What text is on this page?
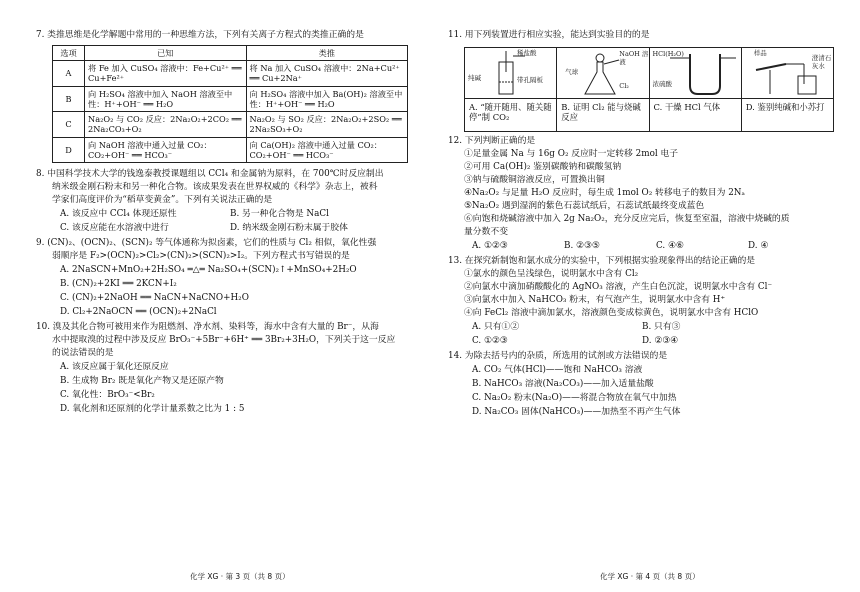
7. 类推思维是化学解题中常用的一种思维方法，下列有关离子方程式的类推正确的是
选项	已知	类推
A	将 Fe 加入 CuSO₄ 溶液中：Fe+Cu²⁺ ══ Cu+Fe²⁺	将 Na 加入 CuSO₄ 溶液中：2Na+Cu²⁺ ══ Cu+2Na⁺
B	向 H₂SO₄ 溶液中加入 NaOH 溶液至中性：H⁺+OH⁻ ══ H₂O	向 H₂SO₄ 溶液中加入 Ba(OH)₂ 溶液至中性：H⁺+OH⁻ ══ H₂O
C	Na₂O₂ 与 CO₂ 反应：2Na₂O₂+2CO₂ ══ 2Na₂CO₃+O₂	Na₂O₂ 与 SO₂ 反应：2Na₂O₂+2SO₂ ══ 2Na₂SO₃+O₂
D	向 NaOH 溶液中通入过量 CO₂：CO₂+OH⁻ ══ HCO₃⁻	向 Ca(OH)₂ 溶液中通入过量 CO₂：CO₂+OH⁻ ══ HCO₃⁻
8. 中国科学技术大学的钱逸泰教授课题组以 CCl₄ 和金属钠为原料，在 700℃时反应制出
纳米级金刚石粉末和另一种化合物。该成果发表在世界权威的《科学》杂志上，被科
学家们高度评价为“稻草变黄金”。下列有关说法正确的是
A. 该反应中 CCl₄ 体现还原性	B. 另一种化合物是 NaCl
C. 该反应能在水溶液中进行	D. 纳米级金刚石粉末属于胶体
9. (CN)₂、(OCN)₂、(SCN)₂ 等气体通称为拟卤素，它们的性质与 Cl₂ 相似，氧化性强
弱顺序是 F₂>(OCN)₂>Cl₂>(CN)₂>(SCN)₂>I₂。下列方程式书写错误的是
A. 2NaSCN+MnO₂+2H₂SO₄ ═△═ Na₂SO₄+(SCN)₂↑+MnSO₄+2H₂O
B. (CN)₂+2KI ══ 2KCN+I₂
C. (CN)₂+2NaOH ══ NaCN+NaCNO+H₂O
D. Cl₂+2NaOCN ══ (OCN)₂+2NaCl
10. 溴及其化合物可被用来作为阻燃剂、净水剂、染料等，海水中含有大量的 Br⁻，从海
水中提取溴的过程中涉及反应 BrO₃⁻+5Br⁻+6H⁺ ══ 3Br₂+3H₂O，下列关于这一反应
的说法错误的是
A. 该反应属于氧化还原反应
B. 生成物 Br₂ 既是氧化产物又是还原产物
C. 氧化性：BrO₃⁻<Br₂
D. 氧化剂和还原剂的化学计量系数之比为 1 : 5
11. 用下列装置进行相应实验，能达到实验目的的是
稀盐酸
纯碱	带孔隔板
A. “随开随用、随关随停”制 CO₂
NaOH 溶液
气球
Cl₂
B. 证明 Cl₂ 能与烧碱反应
HCl(H₂O)
浓硫酸
C. 干燥 HCl 气体
样品
澄清石灰水
D. 鉴别纯碱和小苏打
12. 下列判断正确的是
①足量金属 Na 与 16g O₂ 反应时一定转移 2mol 电子
②可用 Ca(OH)₂ 鉴别碳酸钠和碳酸氢钠
③钠与硫酸铜溶液反应，可置换出铜
④Na₂O₂ 与足量 H₂O 反应时，每生成 1mol O₂ 转移电子的数目为 2Nₐ
⑤Na₂O₂ 遇到湿润的紫色石蕊试纸后，石蕊试纸最终变成蓝色
⑥向饱和烧碱溶液中加入 2g Na₂O₂，充分反应完后，恢复至室温，溶液中烧碱的质
量分数不变
A. ①②③	B. ②③⑤	C. ④⑥	D. ④
13. 在探究新制饱和氯水成分的实验中，下列根据实验现象得出的结论正确的是
①氯水的颜色呈浅绿色，说明氯水中含有 Cl₂
②向氯水中滴加硝酸酸化的 AgNO₃ 溶液，产生白色沉淀，说明氯水中含有 Cl⁻
③向氯水中加入 NaHCO₃ 粉末，有气泡产生，说明氯水中含有 H⁺
④向 FeCl₂ 溶液中滴加氯水，溶液颜色变成棕黄色，说明氯水中含有 HClO
A. 只有①②	B. 只有③
C. ①②③	D. ②③④
14. 为除去括号内的杂质，所选用的试剂或方法错误的是
A. CO₂ 气体(HCl)——饱和 NaHCO₃ 溶液
B. NaHCO₃ 溶液(Na₂CO₃)——加入适量盐酸
C. Na₂O₂ 粉末(Na₂O)——将混合物放在氧气中加热
D. Na₂CO₃ 固体(NaHCO₃)——加热至不再产生气体
化学 XG · 第 3 页（共 8 页）	化学 XG · 第 4 页（共 8 页）
